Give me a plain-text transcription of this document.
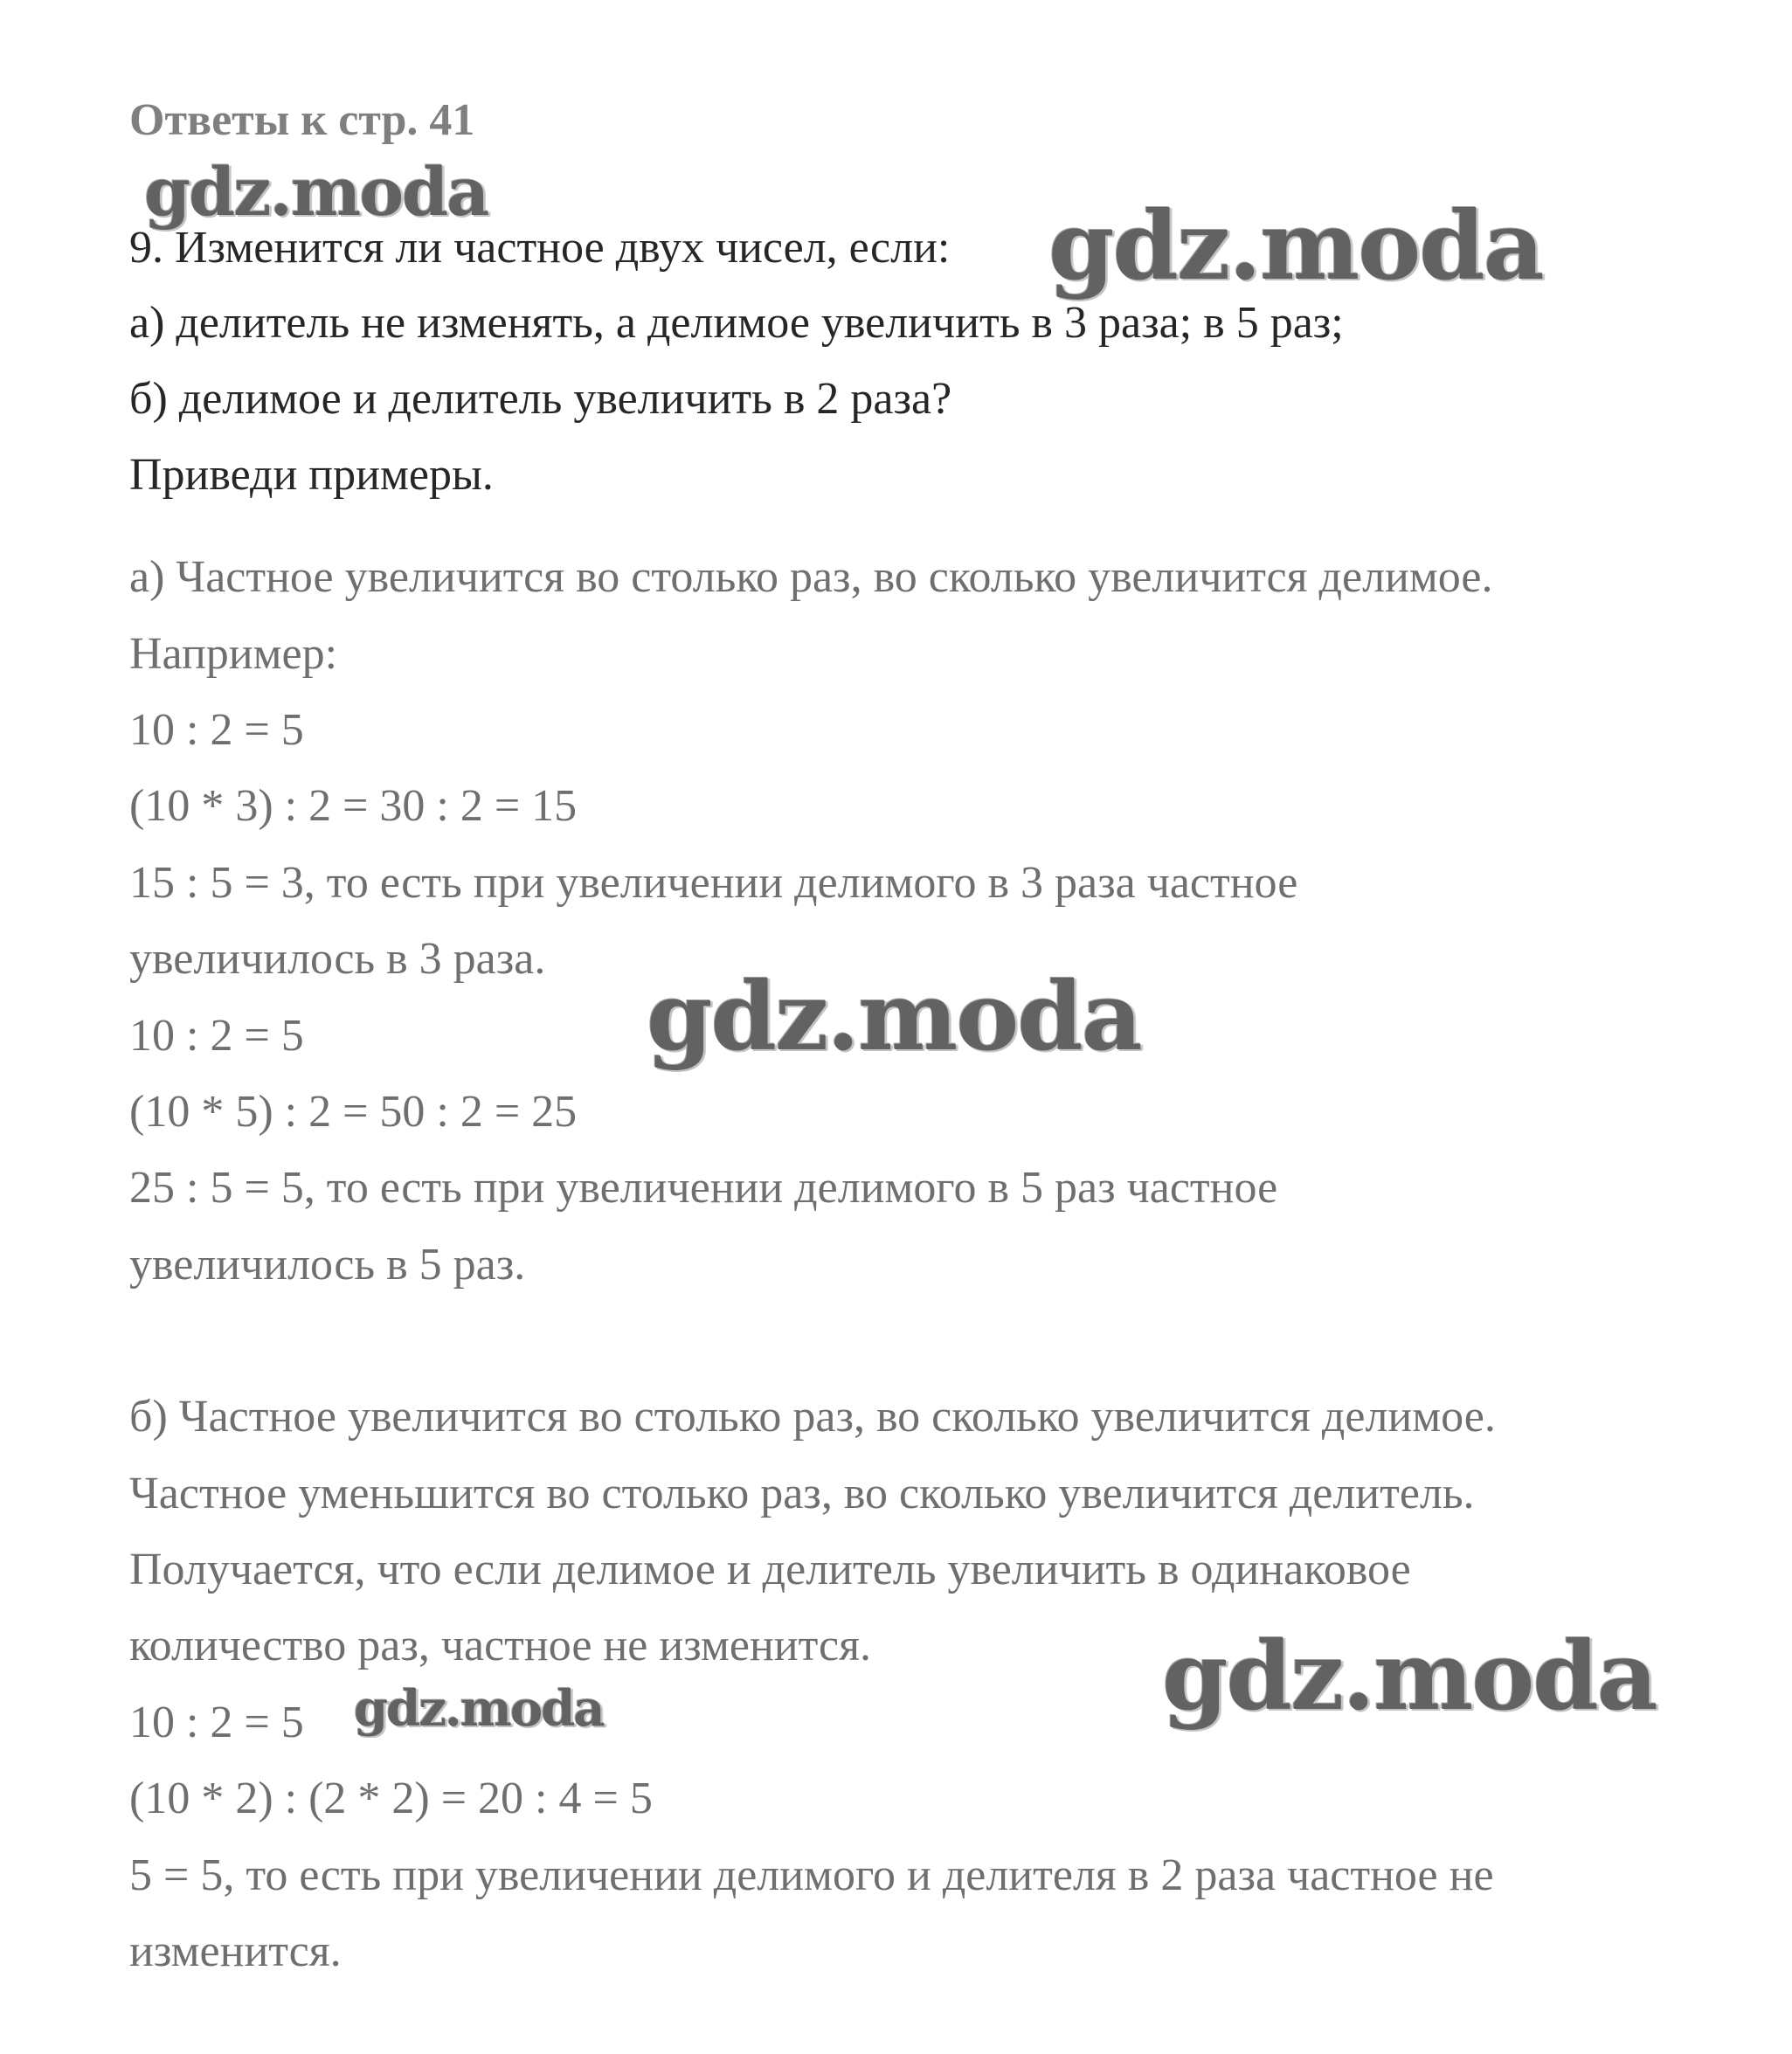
Ответы к стр. 41
9. Изменится ли частное двух чисел, если:
а) делитель не изменять, а делимое увеличить в 3 раза; в 5 раз;
б) делимое и делитель увеличить в 2 раза?
Приведи примеры.
а) Частное увеличится во столько раз, во сколько увеличится делимое.
Например:
10 : 2 = 5
(10 * 3) : 2 = 30 : 2 = 15
15 : 5 = 3, то есть при увеличении делимого в 3 раза частное
увеличилось в 3 раза.
10 : 2 = 5
(10 * 5) : 2 = 50 : 2 = 25
25 : 5 = 5, то есть при увеличении делимого в 5 раз частное
увеличилось в 5 раз.
б) Частное увеличится во столько раз, во сколько увеличится делимое.
Частное уменьшится во столько раз, во сколько увеличится делитель.
Получается, что если делимое и делитель увеличить в одинаковое
количество раз, частное не изменится.
10 : 2 = 5
(10 * 2) : (2 * 2) = 20 : 4 = 5
5 = 5, то есть при увеличении делимого и делителя в 2 раза частное не
изменится.
gdz.moda	gdz.moda
gdz.moda
gdz.moda
gdz.moda
